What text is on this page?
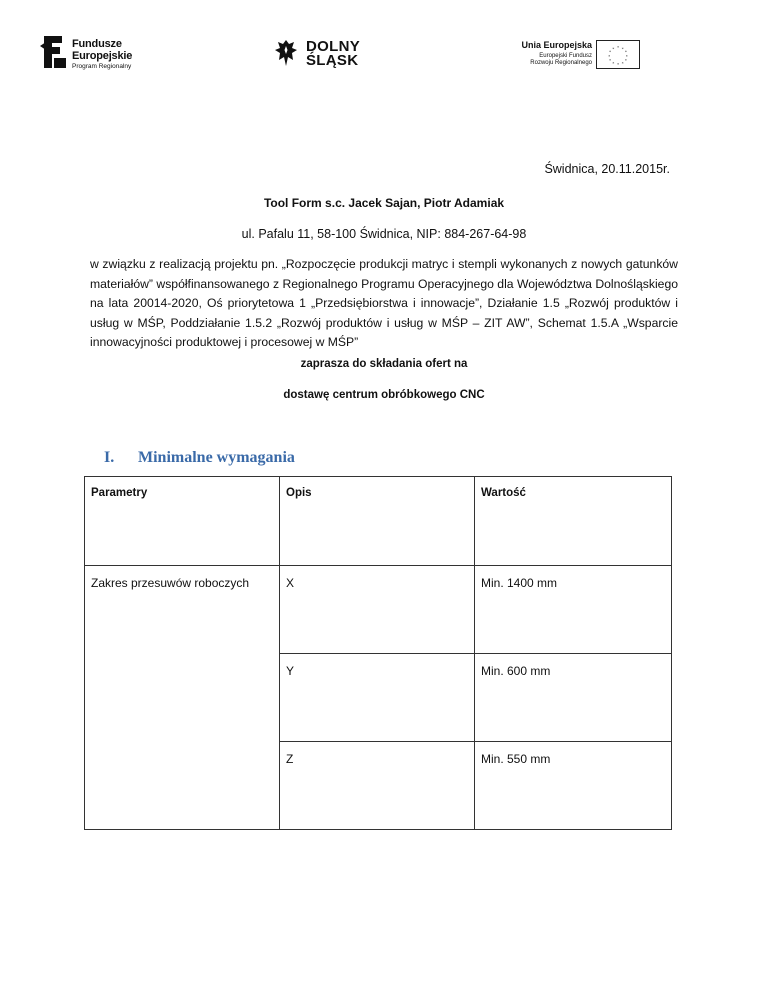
Fundusze
Europejskie
Program Regionalny
DOLNY
ŚLĄSK
Unia Europejska
Europejski Fundusz
Rozwoju Regionalnego
* *
*
*
*
*
*
*
*
*
*
*
Świdnica, 20.11.2015r.
Tool Form s.c. Jacek Sajan, Piotr Adamiak
ul. Pafalu 11, 58-100 Świdnica, NIP: 884-267-64-98
w związku z realizacją projektu pn. „Rozpoczęcie produkcji matryc i stempli wykonanych z nowych gatunków materiałów” współfinansowanego z Regionalnego Programu Operacyjnego dla Województwa Dolnośląskiego na lata 20014-2020, Oś priorytetowa 1 „Przedsiębiorstwa i innowacje”, Działanie 1.5 „Rozwój produktów i usług w MŚP, Poddziałanie 1.5.2 „Rozwój produktów i usług w MŚP – ZIT AW”, Schemat 1.5.A „Wsparcie innowacyjności produktowej i procesowej w MŚP”
zaprasza do składania ofert na
dostawę centrum obróbkowego CNC
I. Minimalne wymagania
Parametry	Opis	Wartość
Zakres przesuwów roboczych	X	Min. 1400 mm
	Y	Min. 600 mm
	Z	Min. 550 mm
